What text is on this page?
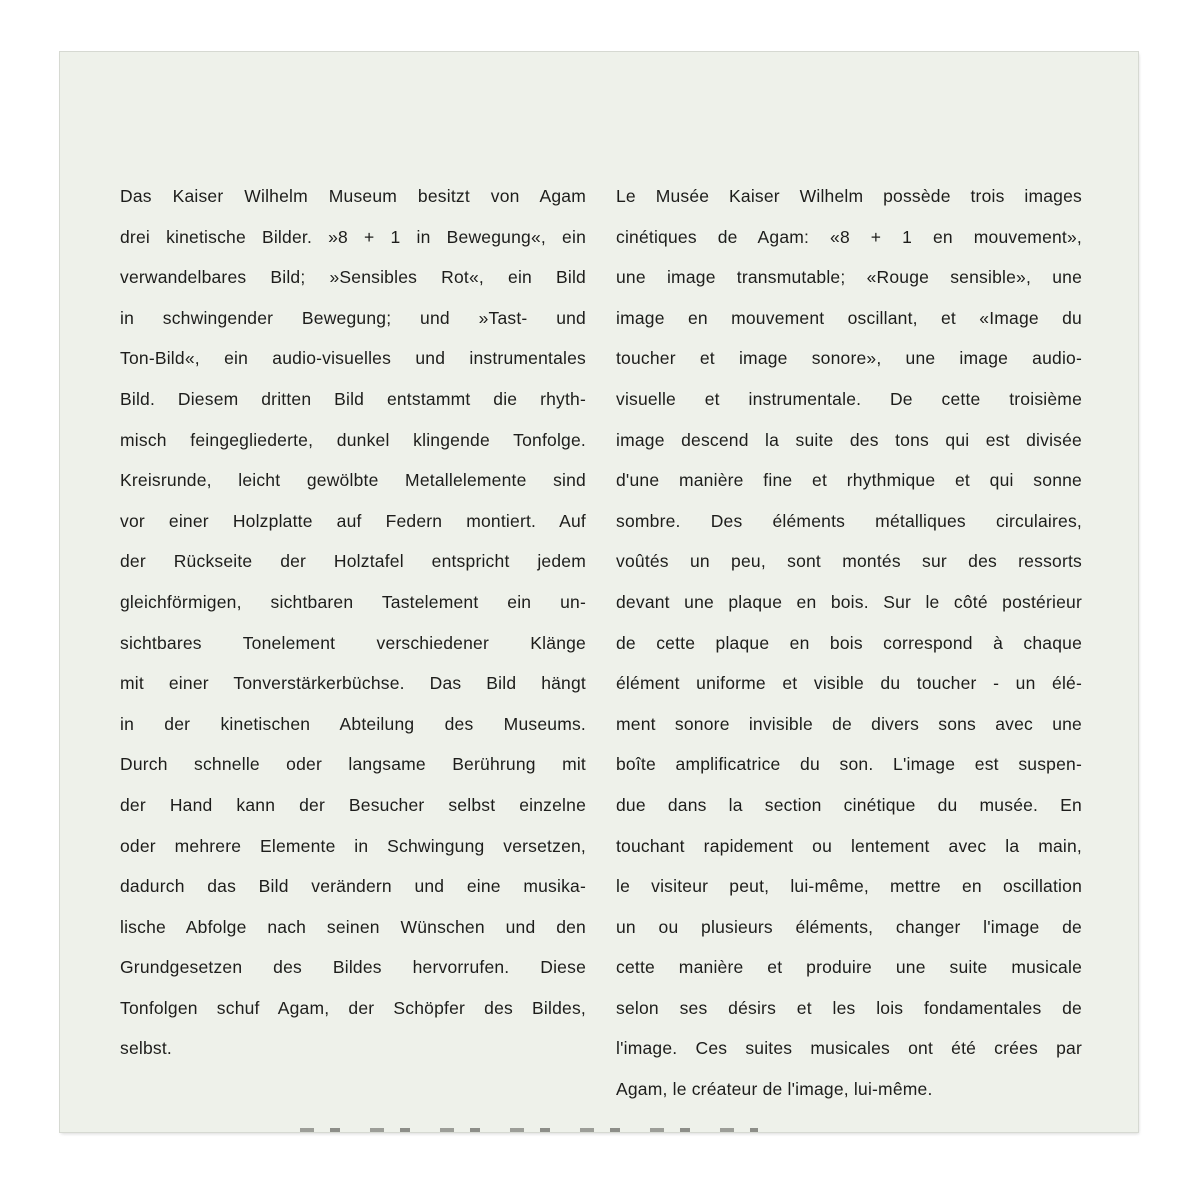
Das Kaiser Wilhelm Museum besitzt von Agam
drei kinetische Bilder. »8 + 1 in Bewegung«, ein
verwandelbares Bild; »Sensibles Rot«, ein Bild
in schwingender Bewegung; und »Tast- und
Ton-Bild«, ein audio-visuelles und instrumentales
Bild. Diesem dritten Bild entstammt die rhyth-
misch feingegliederte, dunkel klingende Tonfolge.
Kreisrunde, leicht gewölbte Metallelemente sind
vor einer Holzplatte auf Federn montiert. Auf
der Rückseite der Holztafel entspricht jedem
gleichförmigen, sichtbaren Tastelement ein un-
sichtbares Tonelement verschiedener Klänge
mit einer Tonverstärkerbüchse. Das Bild hängt
in der kinetischen Abteilung des Museums.
Durch schnelle oder langsame Berührung mit
der Hand kann der Besucher selbst einzelne
oder mehrere Elemente in Schwingung versetzen,
dadurch das Bild verändern und eine musika-
lische Abfolge nach seinen Wünschen und den
Grundgesetzen des Bildes hervorrufen. Diese
Tonfolgen schuf Agam, der Schöpfer des Bildes,
selbst.
Le Musée Kaiser Wilhelm possède trois images
cinétiques de Agam: «8 + 1 en mouvement»,
une image transmutable; «Rouge sensible», une
image en mouvement oscillant, et «Image du
toucher et image sonore», une image audio-
visuelle et instrumentale. De cette troisième
image descend la suite des tons qui est divisée
d'une manière fine et rhythmique et qui sonne
sombre. Des éléments métalliques circulaires,
voûtés un peu, sont montés sur des ressorts
devant une plaque en bois. Sur le côté postérieur
de cette plaque en bois correspond à chaque
élément uniforme et visible du toucher - un élé-
ment sonore invisible de divers sons avec une
boîte amplificatrice du son. L'image est suspen-
due dans la section cinétique du musée. En
touchant rapidement ou lentement avec la main,
le visiteur peut, lui-même, mettre en oscillation
un ou plusieurs éléments, changer l'image de
cette manière et produire une suite musicale
selon ses désirs et les lois fondamentales de
l'image. Ces suites musicales ont été crées par
Agam, le créateur de l'image, lui-même.
